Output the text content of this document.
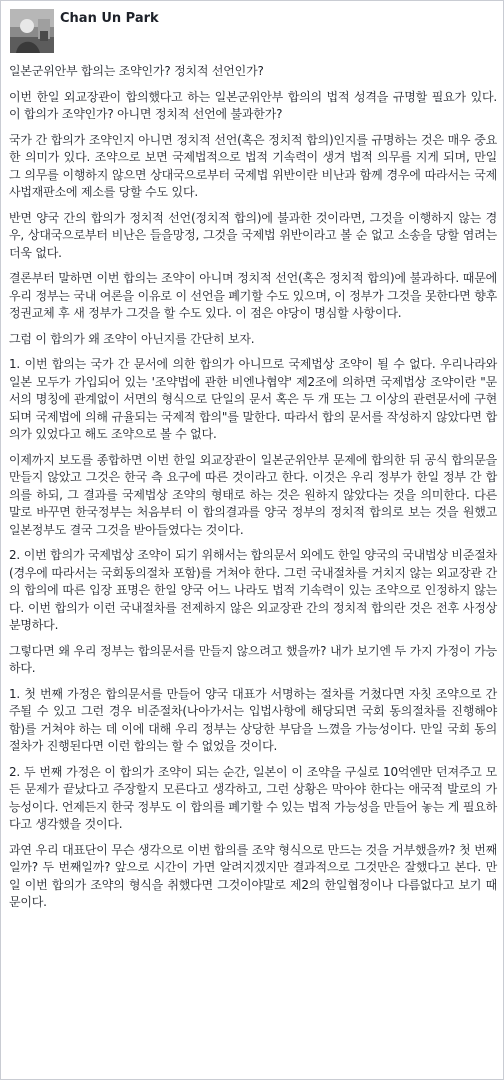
Chan Un Park

일본군위안부 합의는 조약인가? 정치적 선언인가?

이번 한일 외교장관이 합의했다고 하는 일본군위안부 합의의 법적 성격을 규명할 필요가 있다. 이 합의가 조약인가? 아니면 정치적 선언에 불과한가?

국가 간 합의가 조약인지 아니면 정치적 선언(혹은 정치적 합의)인지를 규명하는 것은 매우 중요한 의미가 있다. 조약으로 보면 국제법적으로 법적 기속력이 생겨 법적 의무를 지게 되며, 만일 그 의무를 이행하지 않으면 상대국으로부터 국제법 위반이란 비난과 함께 경우에 따라서는 국제사법재판소에 제소를 당할 수도 있다.

반면 양국 간의 합의가 정치적 선언(정치적 합의)에 불과한 것이라면, 그것을 이행하지 않는 경우, 상대국으로부터 비난은 들을망정, 그것을 국제법 위반이라고 볼 순 없고 소송을 당할 염려는 더욱 없다.

결론부터 말하면 이번 합의는 조약이 아니며 정치적 선언(혹은 정치적 합의)에 불과하다. 때문에 우리 정부는 국내 여론을 이유로 이 선언을 폐기할 수도 있으며, 이 정부가 그것을 못한다면 향후 정권교체 후 새 정부가 그것을 할 수도 있다. 이 점은 야당이 명심할 사항이다.

그럼 이 합의가 왜 조약이 아닌지를 간단히 보자.

1. 이번 합의는 국가 간 문서에 의한 합의가 아니므로 국제법상 조약이 될 수 없다. 우리나라와 일본 모두가 가입되어 있는 '조약법에 관한 비엔나협약' 제2조에 의하면 국제법상 조약이란 "문서의 명칭에 관계없이 서면의 형식으로 단일의 문서 혹은 두 개 또는 그 이상의 관련문서에 구현되며 국제법에 의해 규율되는 국제적 합의"를 말한다. 따라서 합의 문서를 작성하지 않았다면 합의가 있었다고 해도 조약으로 볼 수 없다.

이제까지 보도를 종합하면 이번 한일 외교장관이 일본군위안부 문제에 합의한 뒤 공식 합의문을 만들지 않았고 그것은 한국 측 요구에 따른 것이라고 한다. 이것은 우리 정부가 한일 정부 간 합의를 하되, 그 결과를 국제법상 조약의 형태로 하는 것은 원하지 않았다는 것을 의미한다. 다른 말로 바꾸면 한국정부는 처음부터 이 합의결과를 양국 정부의 정치적 합의로 보는 것을 원했고 일본정부도 결국 그것을 받아들였다는 것이다.

2. 이번 합의가 국제법상 조약이 되기 위해서는 합의문서 외에도 한일 양국의 국내법상 비준절차(경우에 따라서는 국회동의절차 포함)를 거쳐야 한다. 그런 국내절차를 거치지 않는 외교장관 간의 합의에 따른 입장 표명은 한일 양국 어느 나라도 법적 기속력이 있는 조약으로 인정하지 않는다. 이번 합의가 이런 국내절차를 전제하지 않은 외교장관 간의 정치적 합의란 것은 전후 사정상 분명하다.

그렇다면 왜 우리 정부는 합의문서를 만들지 않으려고 했을까? 내가 보기엔 두 가지 가정이 가능하다.

1. 첫 번째 가정은 합의문서를 만들어 양국 대표가 서명하는 절차를 거쳤다면 자칫 조약으로 간주될 수 있고 그런 경우 비준절차(나아가서는 입법사항에 해당되면 국회 동의절차를 진행해야 함)를 거쳐야 하는 데 이에 대해 우리 정부는 상당한 부담을 느꼈을 가능성이다. 만일 국회 동의절차가 진행된다면 이런 합의는 할 수 없었을 것이다.

2. 두 번째 가정은 이 합의가 조약이 되는 순간, 일본이 이 조약을 구실로 10억엔만 던져주고 모든 문제가 끝났다고 주장할지 모른다고 생각하고, 그런 상황은 막아야 한다는 애국적 발로의 가능성이다. 언제든지 한국 정부도 이 합의를 폐기할 수 있는 법적 가능성을 만들어 놓는 게 필요하다고 생각했을 것이다.

과연 우리 대표단이 무슨 생각으로 이번 합의를 조약 형식으로 만드는 것을 거부했을까? 첫 번째일까? 두 번째일까? 앞으로 시간이 가면 알려지겠지만 결과적으로 그것만은 잘했다고 본다. 만일 이번 합의가 조약의 형식을 취했다면 그것이야말로 제2의 한일협정이나 다름없다고 보기 때문이다.
